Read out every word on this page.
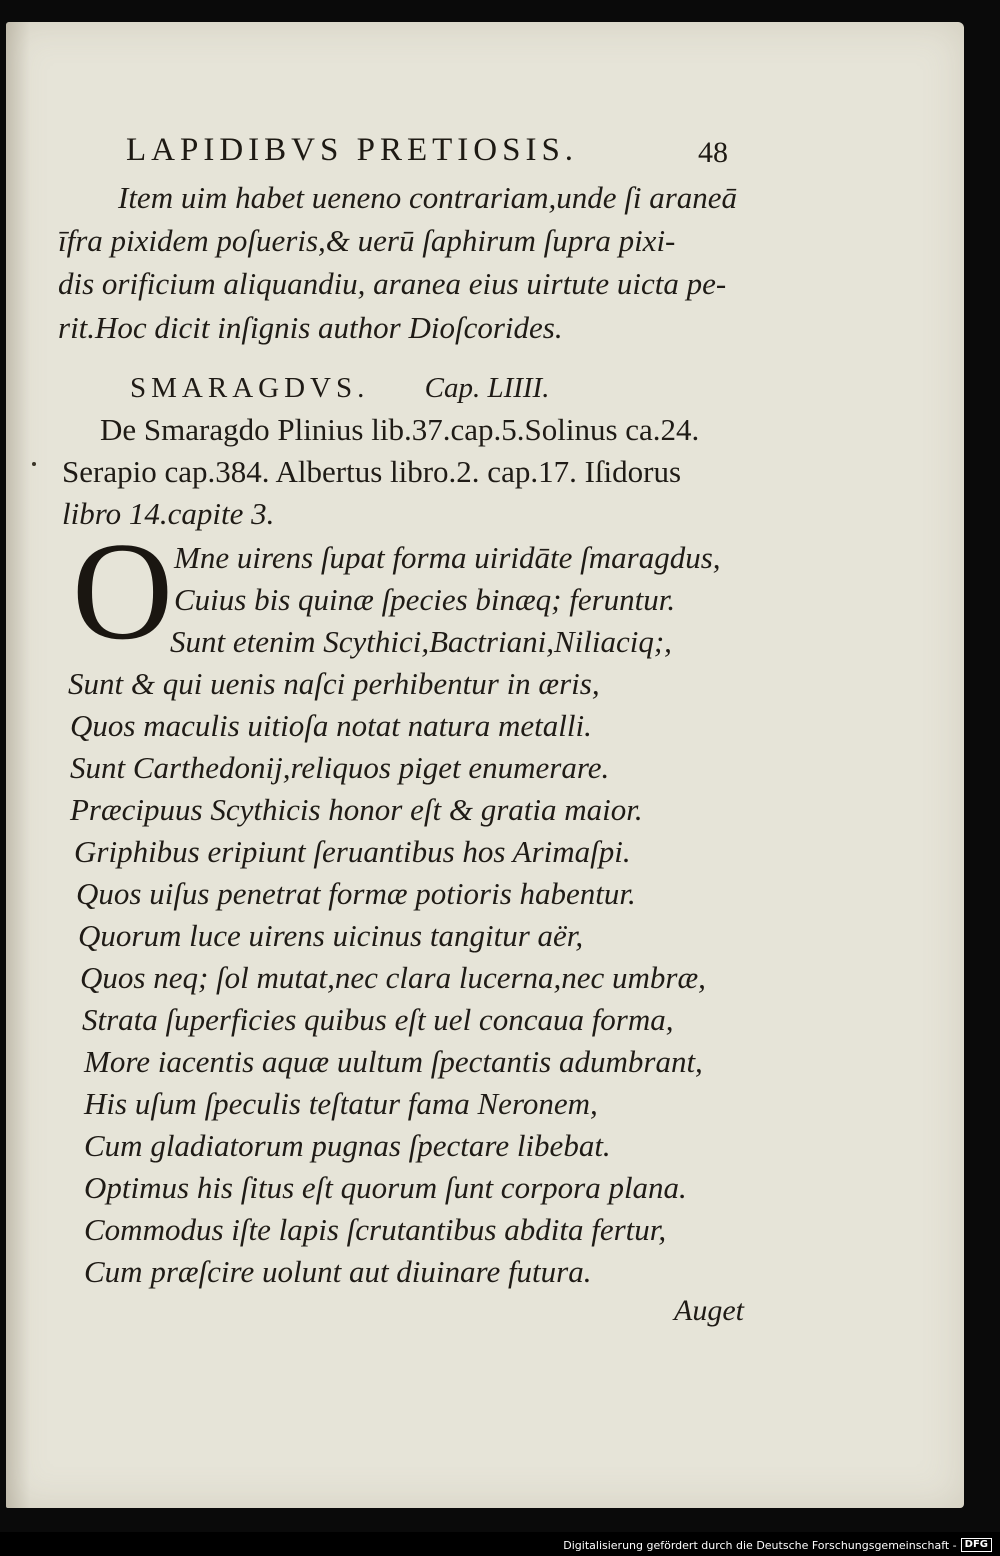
LAPIDIBVS PRETIOSIS.	48
Item uim habet ueneno contrariam,unde ſi araneā
īfra pixidem poſueris,& uerū ſaphirum ſupra pixi-
dis orificium aliquandiu, aranea eius uirtute uicta pe-
rit.Hoc dicit inſignis author Dioſcorides.
SMARAGDVS. Cap. LIIII.
De Smaragdo Plinius lib.37.cap.5.Solinus ca.24.
Serapio cap.384. Albertus libro.2. cap.17. Iſidorus
libro 14.capite 3.
O Mne uirens ſupat forma uiridāte ſmaragdus,
Cuius bis quinæ ſpecies binæq; feruntur.
Sunt etenim Scythici,Bactriani,Niliaciq;,
Sunt & qui uenis naſci perhibentur in æris,
Quos maculis uitioſa notat natura metalli.
Sunt Carthedonij,reliquos piget enumerare.
Præcipuus Scythicis honor eſt & gratia maior.
Griphibus eripiunt ſeruantibus hos Arimaſpi.
Quos uiſus penetrat formæ potioris habentur.
Quorum luce uirens uicinus tangitur aër,
Quos neq; ſol mutat,nec clara lucerna,nec umbræ,
Strata ſuperficies quibus eſt uel concaua forma,
More iacentis aquæ uultum ſpectantis adumbrant,
His uſum ſpeculis teſtatur fama Neronem,
Cum gladiatorum pugnas ſpectare libebat.
Optimus his ſitus eſt quorum ſunt corpora plana.
Commodus iſte lapis ſcrutantibus abdita fertur,
Cum præſcire uolunt aut diuinare futura.
Auget
Digitalisierung gefördert durch die Deutsche Forschungsgemeinschaft - DFG
